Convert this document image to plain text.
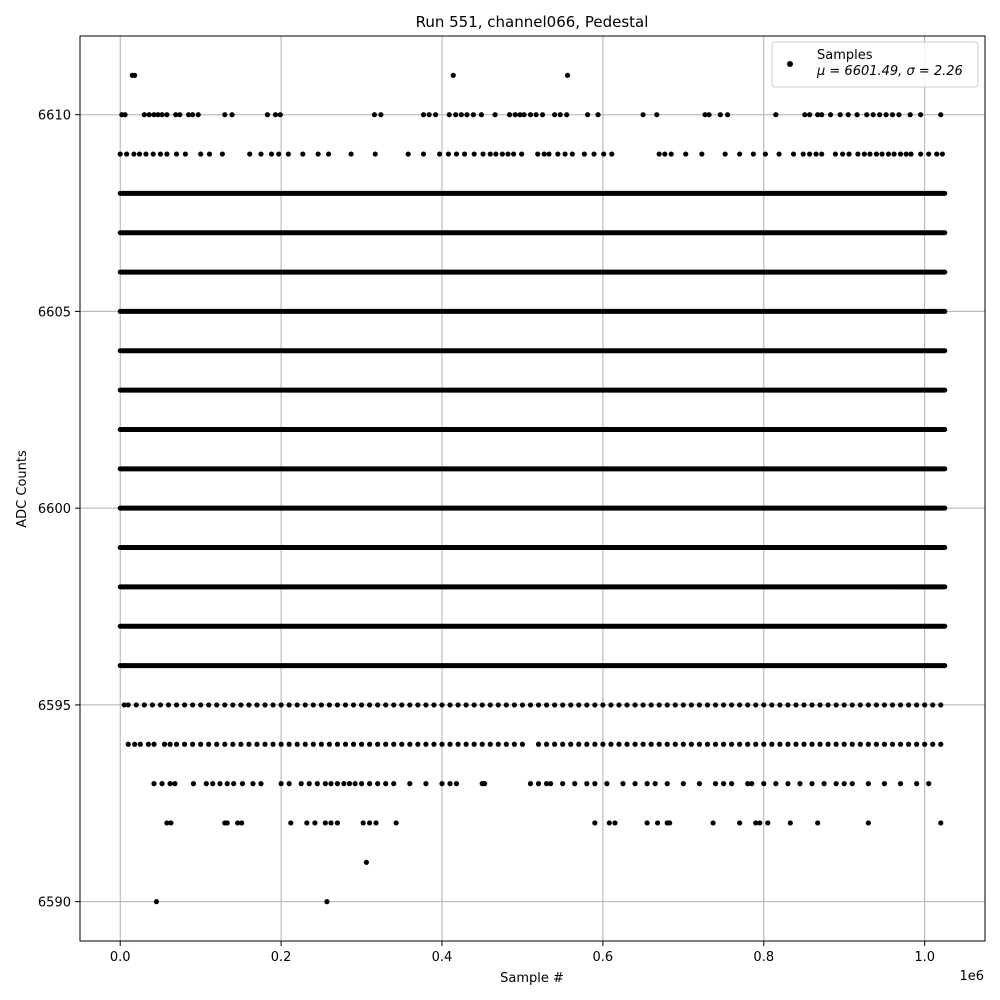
0.0	0.2	0.4	0.6	0.8	1.0
6590
6595
6600
6605
6610
Run 551, channel066, Pedestal
Sample #
ADC Counts
1e6
Samples
μ = 6601.49, σ = 2.26
